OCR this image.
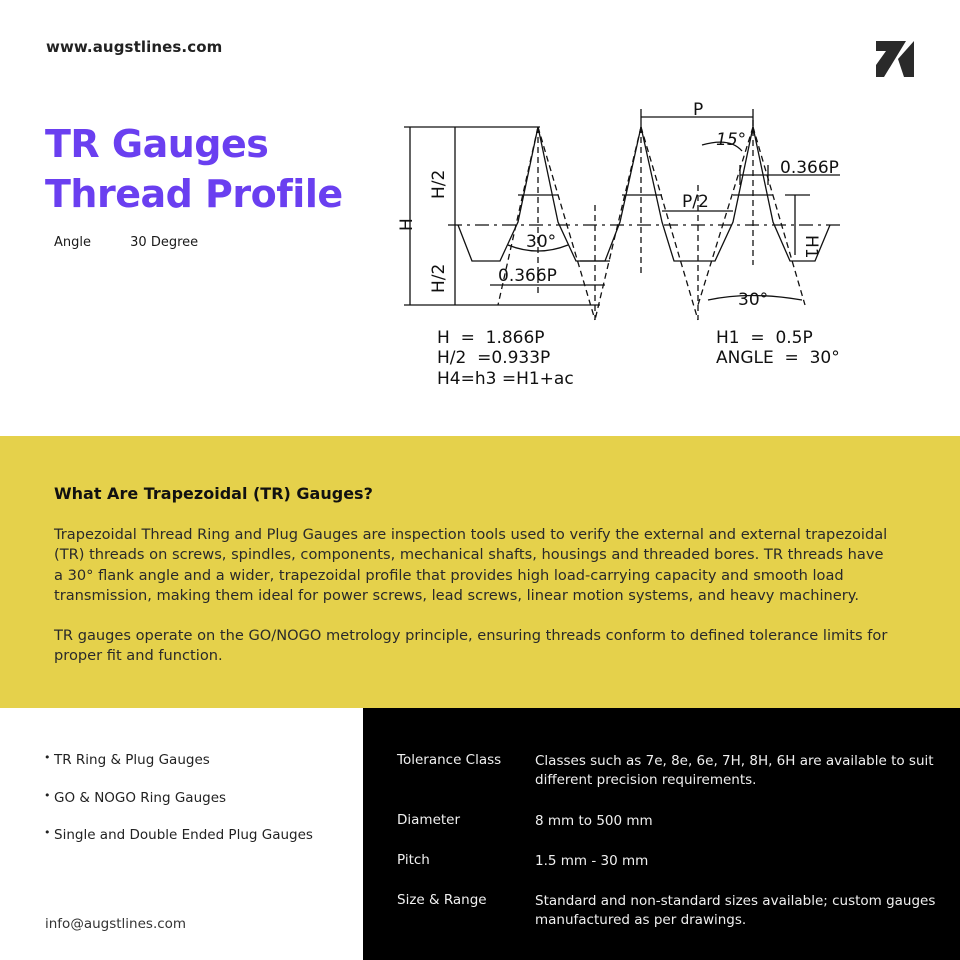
www.augstlines.com
TR Gauges
Thread Profile
Angle	30 Degree
P
15°
0.366P
P/2
30°
0.366P
30°
H/2
H
H/2
H1
H  =  1.866P
H/2  =0.933P
H4=h3 =H1+ac
H1  =  0.5P
ANGLE  =  30°
What Are Trapezoidal (TR) Gauges?
Trapezoidal Thread Ring and Plug Gauges are inspection tools used to verify the external and external trapezoidal (TR) threads on screws, spindles, components, mechanical shafts, housings and threaded bores. TR threads have a 30° flank angle and a wider, trapezoidal profile that provides high load-carrying capacity and smooth load transmission, making them ideal for power screws, lead screws, linear motion systems, and heavy machinery.
TR gauges operate on the GO/NOGO metrology principle, ensuring threads conform to defined tolerance limits for proper fit and function.
• TR Ring & Plug Gauges
• GO & NOGO Ring Gauges
• Single and Double Ended Plug Gauges
info@augstlines.com
Tolerance Class	Classes such as 7e, 8e, 6e, 7H, 8H, 6H are available to suit different precision requirements.
Diameter	8 mm to 500 mm
Pitch	1.5 mm - 30 mm
Size & Range	Standard and non-standard sizes available; custom gauges manufactured as per drawings.
